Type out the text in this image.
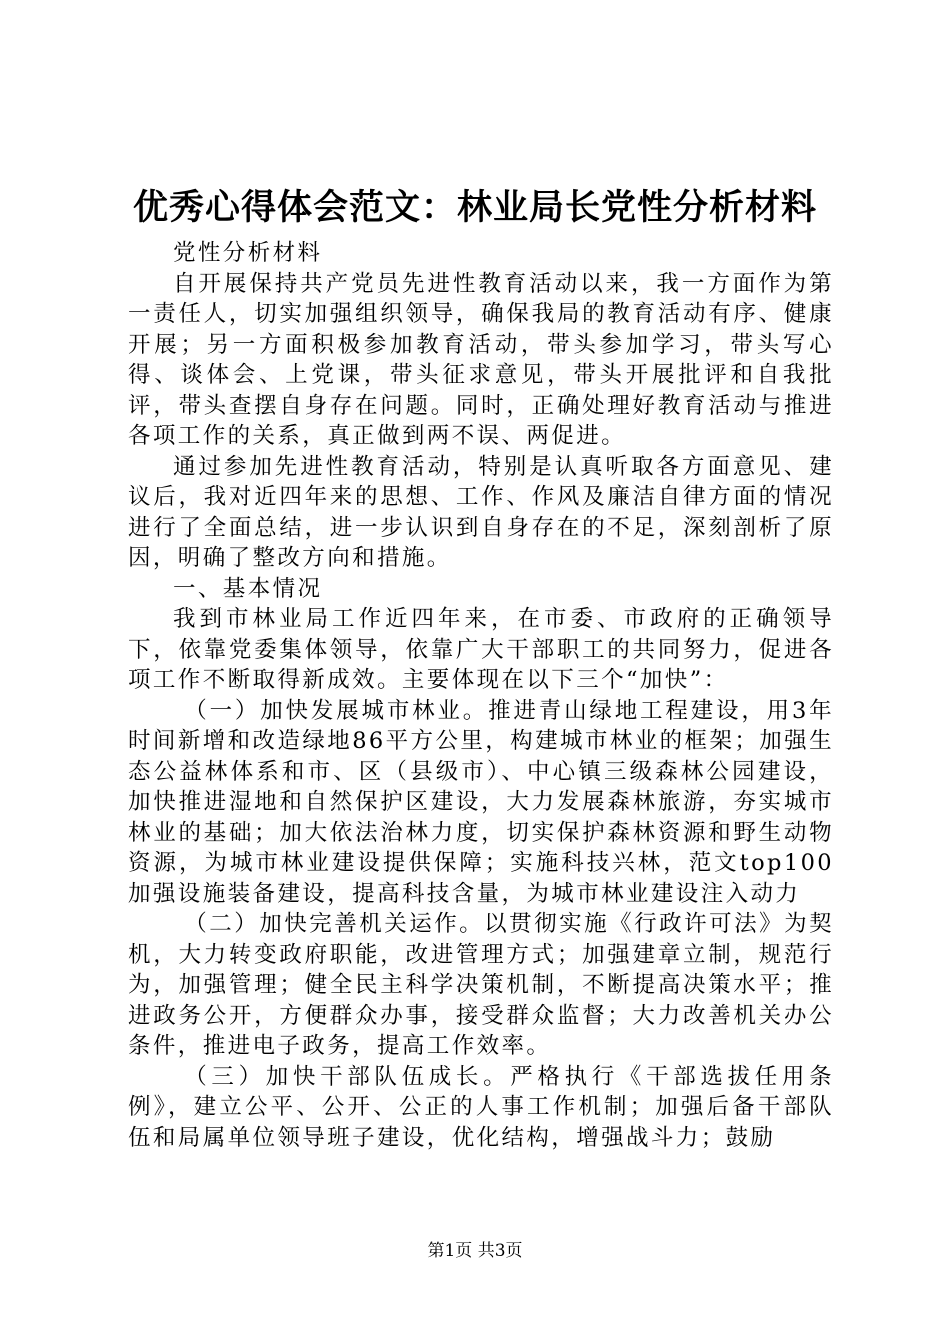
优秀心得体会范文：林业局长党性分析材料

党性分析材料

自开展保持共产党员先进性教育活动以来，我一方面作为第一责任人，切实加强组织领导，确保我局的教育活动有序、健康开展；另一方面积极参加教育活动，带头参加学习，带头写心得、谈体会、上党课，带头征求意见，带头开展批评和自我批评，带头查摆自身存在问题。同时，正确处理好教育活动与推进各项工作的关系，真正做到两不误、两促进。

通过参加先进性教育活动，特别是认真听取各方面意见、建议后，我对近四年来的思想、工作、作风及廉洁自律方面的情况进行了全面总结，进一步认识到自身存在的不足，深刻剖析了原因，明确了整改方向和措施。

一、基本情况

我到市林业局工作近四年来，在市委、市政府的正确领导下，依靠党委集体领导，依靠广大干部职工的共同努力，促进各项工作不断取得新成效。主要体现在以下三个“加快”：

（一）加快发展城市林业。推进青山绿地工程建设，用3年时间新增和改造绿地86平方公里，构建城市林业的框架；加强生态公益林体系和市、区（县级市）、中心镇三级森林公园建设，加快推进湿地和自然保护区建设，大力发展森林旅游，夯实城市林业的基础；加大依法治林力度，切实保护森林资源和野生动物资源，为城市林业建设提供保障；实施科技兴林，范文top100加强设施装备建设，提高科技含量，为城市林业建设注入动力

（二）加快完善机关运作。以贯彻实施《行政许可法》为契机，大力转变政府职能，改进管理方式；加强建章立制，规范行为，加强管理；健全民主科学决策机制，不断提高决策水平；推进政务公开，方便群众办事，接受群众监督；大力改善机关办公条件，推进电子政务，提高工作效率。

（三）加快干部队伍成长。严格执行《干部选拔任用条例》，建立公平、公开、公正的人事工作机制；加强后备干部队伍和局属单位领导班子建设，优化结构，增强战斗力；鼓励

第1页 共3页
